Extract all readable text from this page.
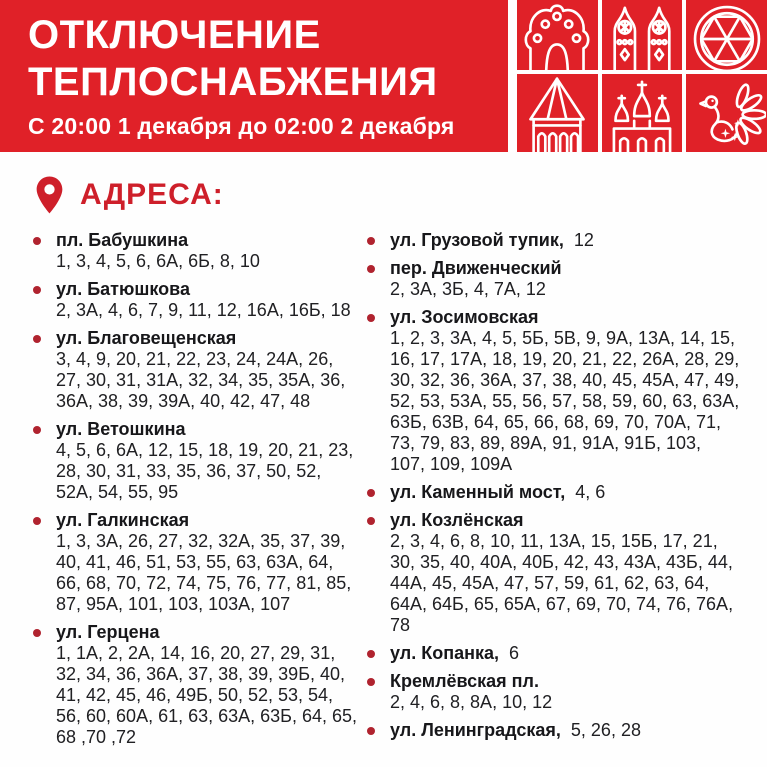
ОТКЛЮЧЕНИЕ
ТЕПЛОСНАБЖЕНИЯ

С 20:00 1 декабря до 02:00 2 декабря

АДРЕСА:
пл. Бабушкина
1, 3, 4, 5, 6, 6А, 6Б, 8, 10
ул. Батюшкова
2, 3А, 4, 6, 7, 9, 11, 12, 16А, 16Б, 18
ул. Благовещенская
3, 4, 9, 20, 21, 22, 23, 24, 24А, 26, 27, 30, 31, 31А, 32, 34, 35, 35А, 36, 36А, 38, 39, 39А, 40, 42, 47, 48
ул. Ветошкина
4, 5, 6, 6А, 12, 15, 18, 19, 20, 21, 23, 28, 30, 31, 33, 35, 36, 37, 50, 52, 52А, 54, 55, 95
ул. Галкинская
1, 3, 3А, 26, 27, 32, 32А, 35, 37, 39, 40, 41, 46, 51, 53, 55, 63, 63А, 64, 66, 68, 70, 72, 74, 75, 76, 77, 81, 85, 87, 95А, 101, 103, 103А, 107
ул. Герцена
1, 1А, 2, 2А, 14, 16, 20, 27, 29, 31, 32, 34, 36, 36А, 37, 38, 39, 39Б, 40, 41, 42, 45, 46, 49Б, 50, 52, 53, 54, 56, 60, 60А, 61, 63, 63А, 63Б, 64, 65, 68 ,70 ,72
ул. Грузовой тупик, 12
пер. Движенческий
2, 3А, 3Б, 4, 7А, 12
ул. Зосимовская
1, 2, 3, 3А, 4, 5, 5Б, 5В, 9, 9А, 13А, 14, 15, 16, 17, 17А, 18, 19, 20, 21, 22, 26А, 28, 29, 30, 32, 36, 36А, 37, 38, 40, 45, 45А, 47, 49, 52, 53, 53А, 55, 56, 57, 58, 59, 60, 63, 63А, 63Б, 63В, 64, 65, 66, 68, 69, 70, 70А, 71, 73, 79, 83, 89, 89А, 91, 91А, 91Б, 103, 107, 109, 109А
ул. Каменный мост, 4, 6
ул. Козлёнская
2, 3, 4, 6, 8, 10, 11, 13А, 15, 15Б, 17, 21, 30, 35, 40, 40А, 40Б, 42, 43, 43А, 43Б, 44, 44А, 45, 45А, 47, 57, 59, 61, 62, 63, 64, 64А, 64Б, 65, 65А, 67, 69, 70, 74, 76, 76А, 78
ул. Копанка, 6
Кремлёвская пл.
2, 4, 6, 8, 8А, 10, 12
ул. Ленинградская, 5, 26, 28
